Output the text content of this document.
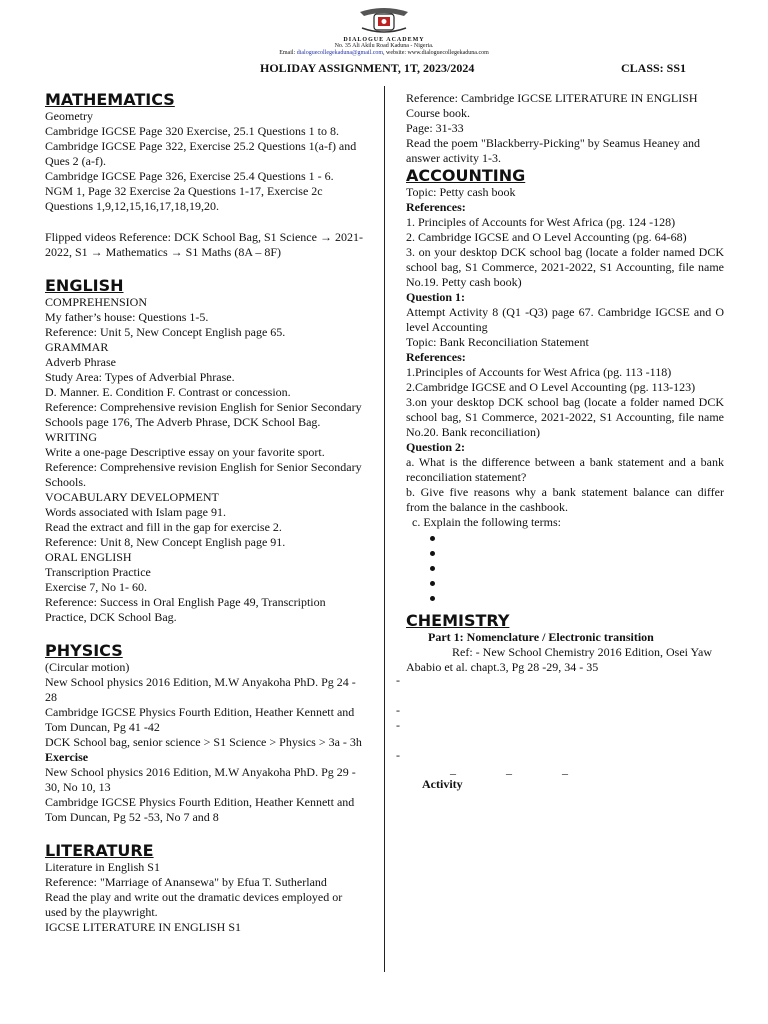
DIALOGUE ACADEMY
No. 35 Ali Akilu Road Kaduna - Nigeria.
Email: dialoguecollegekaduna@gmail.com, website: www.dialoguecollegekaduna.com
HOLIDAY ASSIGNMENT, 1T, 2023/2024	CLASS: SS1
MATHEMATICS
Geometry
Cambridge IGCSE Page 320 Exercise, 25.1 Questions 1 to 8.
Cambridge IGCSE Page 322, Exercise 25.2 Questions 1(a-f) and Ques 2 (a-f).
Cambridge IGCSE Page 326, Exercise 25.4 Questions 1 - 6.
NGM 1, Page 32 Exercise 2a Questions 1-17, Exercise 2c Questions 1,9,12,15,16,17,18,19,20.
Flipped videos Reference: DCK School Bag, S1 Science → 2021-2022, S1 → Mathematics → S1 Maths (8A – 8F)
ENGLISH
COMPREHENSION
My father’s house: Questions 1-5.
Reference: Unit 5, New Concept English page 65.
GRAMMAR
Adverb Phrase
Study Area: Types of Adverbial Phrase.
D. Manner. E. Condition F. Contrast or concession.
Reference: Comprehensive revision English for Senior Secondary Schools page 176, The Adverb Phrase, DCK School Bag.
WRITING
Write a one-page Descriptive essay on your favorite sport.
Reference: Comprehensive revision English for Senior Secondary Schools.
VOCABULARY DEVELOPMENT
Words associated with Islam page 91.
Read the extract and fill in the gap for exercise 2.
Reference: Unit 8, New Concept English page 91.
ORAL ENGLISH
Transcription Practice
Exercise 7, No 1- 60.
Reference: Success in Oral English Page 49, Transcription Practice, DCK School Bag.
PHYSICS
(Circular motion)
New School physics 2016 Edition, M.W Anyakoha PhD. Pg 24 - 28
Cambridge IGCSE Physics Fourth Edition, Heather Kennett and Tom Duncan, Pg 41 -42
DCK School bag, senior science > S1 Science > Physics > 3a - 3h
Exercise
New School physics 2016 Edition, M.W Anyakoha PhD. Pg 29 - 30, No 10, 13
Cambridge IGCSE Physics Fourth Edition, Heather Kennett and Tom Duncan, Pg 52 -53, No 7 and 8
LITERATURE
Literature in English S1
Reference: "Marriage of Anansewa" by Efua T. Sutherland
Read the play and write out the dramatic devices employed or used by the playwright.
IGCSE LITERATURE IN ENGLISH S1
Reference: Cambridge IGCSE LITERATURE IN ENGLISH Course book.
Page: 31-33
Read the poem "Blackberry-Picking" by Seamus Heaney and answer activity 1-3.
ACCOUNTING
Topic: Petty cash book
References:
1. Principles of Accounts for West Africa (pg. 124 -128)
2. Cambridge IGCSE and O Level Accounting (pg. 64-68)
3. on your desktop DCK school bag (locate a folder named DCK school bag, S1 Commerce, 2021-2022, S1 Accounting, file name No.19. Petty cash book)
Question 1:
Attempt Activity 8 (Q1 -Q3) page 67. Cambridge IGCSE and O level Accounting
Topic: Bank Reconciliation Statement
References:
1.Principles of Accounts for West Africa (pg. 113 -118)
2.Cambridge IGCSE and O Level Accounting (pg. 113-123)
3.on your desktop DCK school bag (locate a folder named DCK school bag, S1 Commerce, 2021-2022, S1 Accounting, file name No.20. Bank reconciliation)
Question 2:
a. What is the difference between a bank statement and a bank reconciliation statement?
b. Give five reasons why a bank statement balance can differ from the balance in the cashbook.
c. Explain the following terms:
CHEMISTRY
Part 1: Nomenclature / Electronic transition
Ref: - New School Chemistry 2016 Edition, Osei Yaw Ababio et al. chapt.3, Pg 28 -29, 34 - 35
-
-
-
-
_	_	_
Activity
